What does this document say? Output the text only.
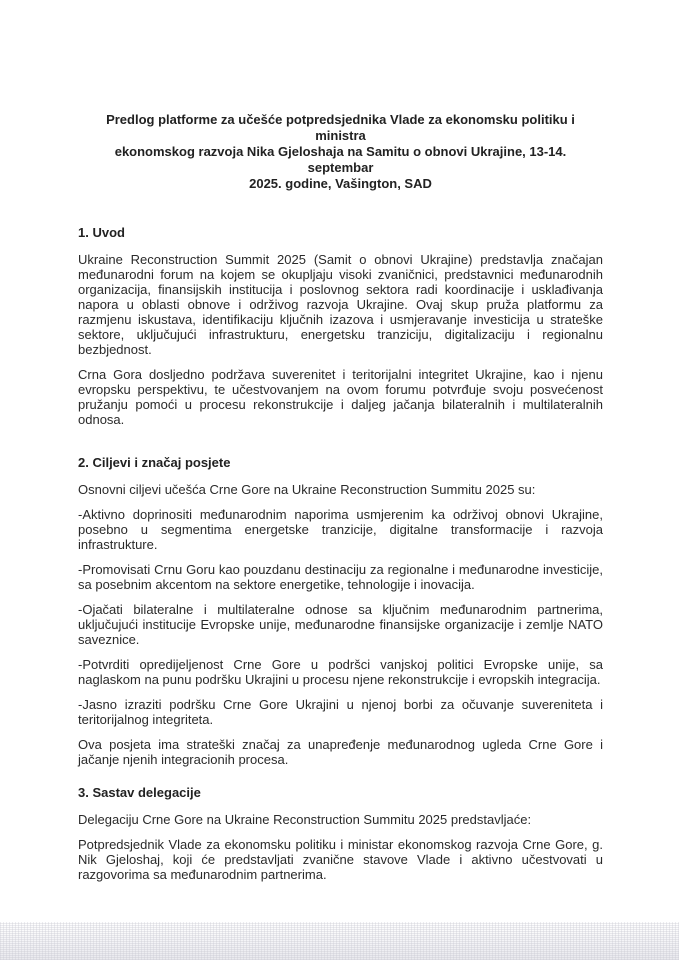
Predlog platforme za učešće potpredsjednika Vlade za ekonomsku politiku i ministra
ekonomskog razvoja Nika Gjeloshaja na Samitu o obnovi Ukrajine, 13-14. septembar
2025. godine, Vašington, SAD
1. Uvod

Ukraine Reconstruction Summit 2025 (Samit o obnovi Ukrajine) predstavlja značajan međunarodni forum na kojem se okupljaju visoki zvaničnici, predstavnici međunarodnih organizacija, finansijskih institucija i poslovnog sektora radi koordinacije i usklađivanja napora u oblasti obnove i održivog razvoja Ukrajine. Ovaj skup pruža platformu za razmjenu iskustava, identifikaciju ključnih izazova i usmjeravanje investicija u strateške sektore, uključujući infrastrukturu, energetsku tranziciju, digitalizaciju i regionalnu bezbjednost.

Crna Gora dosljedno podržava suverenitet i teritorijalni integritet Ukrajine, kao i njenu evropsku perspektivu, te učestvovanjem na ovom forumu potvrđuje svoju posvećenost pružanju pomoći u procesu rekonstrukcije i daljeg jačanja bilateralnih i multilateralnih odnosa.

2. Ciljevi i značaj posjete

Osnovni ciljevi učešća Crne Gore na Ukraine Reconstruction Summitu 2025 su:

-Aktivno doprinositi međunarodnim naporima usmjerenim ka održivoj obnovi Ukrajine, posebno u segmentima energetske tranzicije, digitalne transformacije i razvoja infrastrukture.

-Promovisati Crnu Goru kao pouzdanu destinaciju za regionalne i međunarodne investicije, sa posebnim akcentom na sektore energetike, tehnologije i inovacija.

-Ojačati bilateralne i multilateralne odnose sa ključnim međunarodnim partnerima, uključujući institucije Evropske unije, međunarodne finansijske organizacije i zemlje NATO saveznice.

-Potvrditi opredijeljenost Crne Gore u podršci vanjskoj politici Evropske unije, sa naglaskom na punu podršku Ukrajini u procesu njene rekonstrukcije i evropskih integracija.

-Jasno izraziti podršku Crne Gore Ukrajini u njenoj borbi za očuvanje suvereniteta i teritorijalnog integriteta.

Ova posjeta ima strateški značaj za unapređenje međunarodnog ugleda Crne Gore i jačanje njenih integracionih procesa.

3. Sastav delegacije

Delegaciju Crne Gore na Ukraine Reconstruction Summitu 2025 predstavljaće:

Potpredsjednik Vlade za ekonomsku politiku i ministar ekonomskog razvoja Crne Gore, g. Nik Gjeloshaj, koji će predstavljati zvanične stavove Vlade i aktivno učestvovati u razgovorima sa međunarodnim partnerima.
